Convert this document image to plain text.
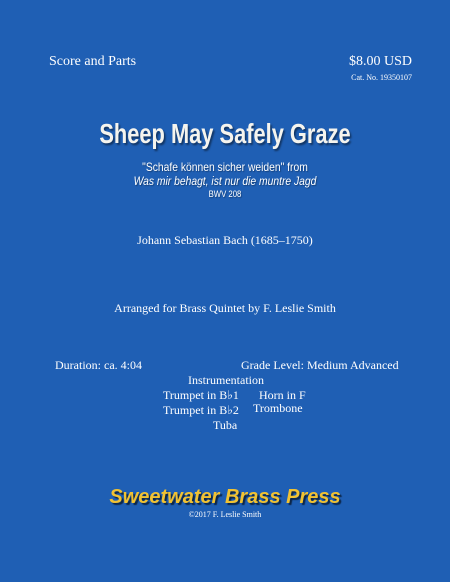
Score and Parts	$8.00 USD
Cat. No. 19350107
Sheep May Safely Graze
"Schafe können sicher weiden" from
Was mir behagt, ist nur die muntre Jagd
BWV 208
Johann Sebastian Bach (1685–1750)
Arranged for Brass Quintet by F. Leslie Smith
Duration: ca. 4:04	Grade Level: Medium Advanced
Instrumentation
Trumpet in B♭1 Horn in F
Trumpet in B♭2 Trombone
Tuba
Sweetwater Brass Press
©2017 F. Leslie Smith
